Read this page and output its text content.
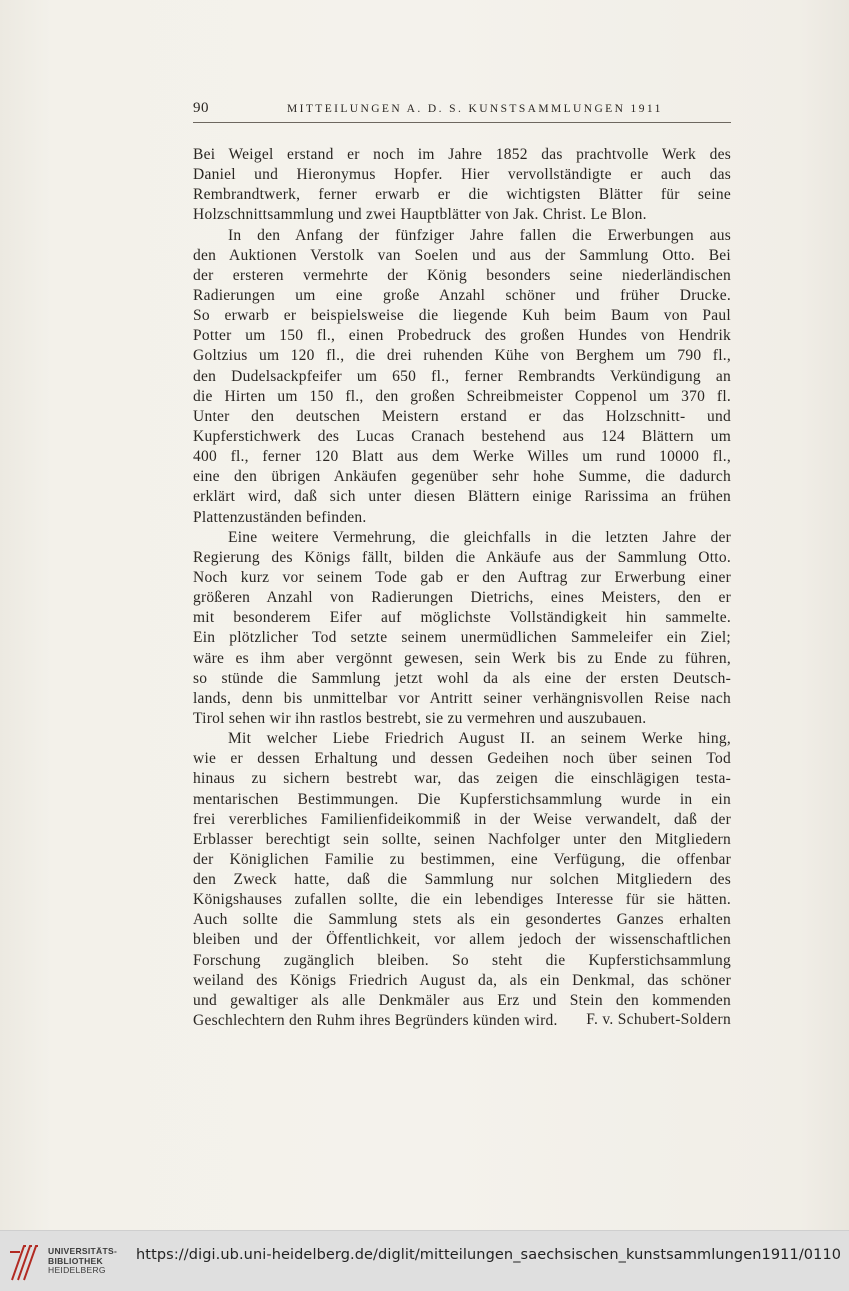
90	MITTEILUNGEN A. D. S. KUNSTSAMMLUNGEN 1911
Bei Weigel erstand er noch im Jahre 1852 das prachtvolle Werk des
Daniel und Hieronymus Hopfer. Hier vervollständigte er auch das
Rembrandtwerk, ferner erwarb er die wichtigsten Blätter für seine
Holzschnittsammlung und zwei Hauptblätter von Jak. Christ. Le Blon.
In den Anfang der fünfziger Jahre fallen die Erwerbungen aus
den Auktionen Verstolk van Soelen und aus der Sammlung Otto. Bei
der ersteren vermehrte der König besonders seine niederländischen
Radierungen um eine große Anzahl schöner und früher Drucke.
So erwarb er beispielsweise die liegende Kuh beim Baum von Paul
Potter um 150 fl., einen Probedruck des großen Hundes von Hendrik
Goltzius um 120 fl., die drei ruhenden Kühe von Berghem um 790 fl.,
den Dudelsackpfeifer um 650 fl., ferner Rembrandts Verkündigung an
die Hirten um 150 fl., den großen Schreibmeister Coppenol um 370 fl.
Unter den deutschen Meistern erstand er das Holzschnitt- und
Kupferstichwerk des Lucas Cranach bestehend aus 124 Blättern um
400 fl., ferner 120 Blatt aus dem Werke Willes um rund 10000 fl.,
eine den übrigen Ankäufen gegenüber sehr hohe Summe, die dadurch
erklärt wird, daß sich unter diesen Blättern einige Rarissima an frühen
Plattenzuständen befinden.
Eine weitere Vermehrung, die gleichfalls in die letzten Jahre der
Regierung des Königs fällt, bilden die Ankäufe aus der Sammlung Otto.
Noch kurz vor seinem Tode gab er den Auftrag zur Erwerbung einer
größeren Anzahl von Radierungen Dietrichs, eines Meisters, den er
mit besonderem Eifer auf möglichste Vollständigkeit hin sammelte.
Ein plötzlicher Tod setzte seinem unermüdlichen Sammeleifer ein Ziel;
wäre es ihm aber vergönnt gewesen, sein Werk bis zu Ende zu führen,
so stünde die Sammlung jetzt wohl da als eine der ersten Deutsch-
lands, denn bis unmittelbar vor Antritt seiner verhängnisvollen Reise nach
Tirol sehen wir ihn rastlos bestrebt, sie zu vermehren und auszubauen.
Mit welcher Liebe Friedrich August II. an seinem Werke hing,
wie er dessen Erhaltung und dessen Gedeihen noch über seinen Tod
hinaus zu sichern bestrebt war, das zeigen die einschlägigen testa-
mentarischen Bestimmungen. Die Kupferstichsammlung wurde in ein
frei vererbliches Familienfideikommiß in der Weise verwandelt, daß der
Erblasser berechtigt sein sollte, seinen Nachfolger unter den Mitgliedern
der Königlichen Familie zu bestimmen, eine Verfügung, die offenbar
den Zweck hatte, daß die Sammlung nur solchen Mitgliedern des
Königshauses zufallen sollte, die ein lebendiges Interesse für sie hätten.
Auch sollte die Sammlung stets als ein gesondertes Ganzes erhalten
bleiben und der Öffentlichkeit, vor allem jedoch der wissenschaftlichen
Forschung zugänglich bleiben. So steht die Kupferstichsammlung
weiland des Königs Friedrich August da, als ein Denkmal, das schöner
und gewaltiger als alle Denkmäler aus Erz und Stein den kommenden
Geschlechtern den Ruhm ihres Begründers künden wird.	F. v. Schubert-Soldern
UNIVERSITÄTS-
BIBLIOTHEK
HEIDELBERG
https://digi.ub.uni-heidelberg.de/diglit/mitteilungen_saechsischen_kunstsammlungen1911/0110
